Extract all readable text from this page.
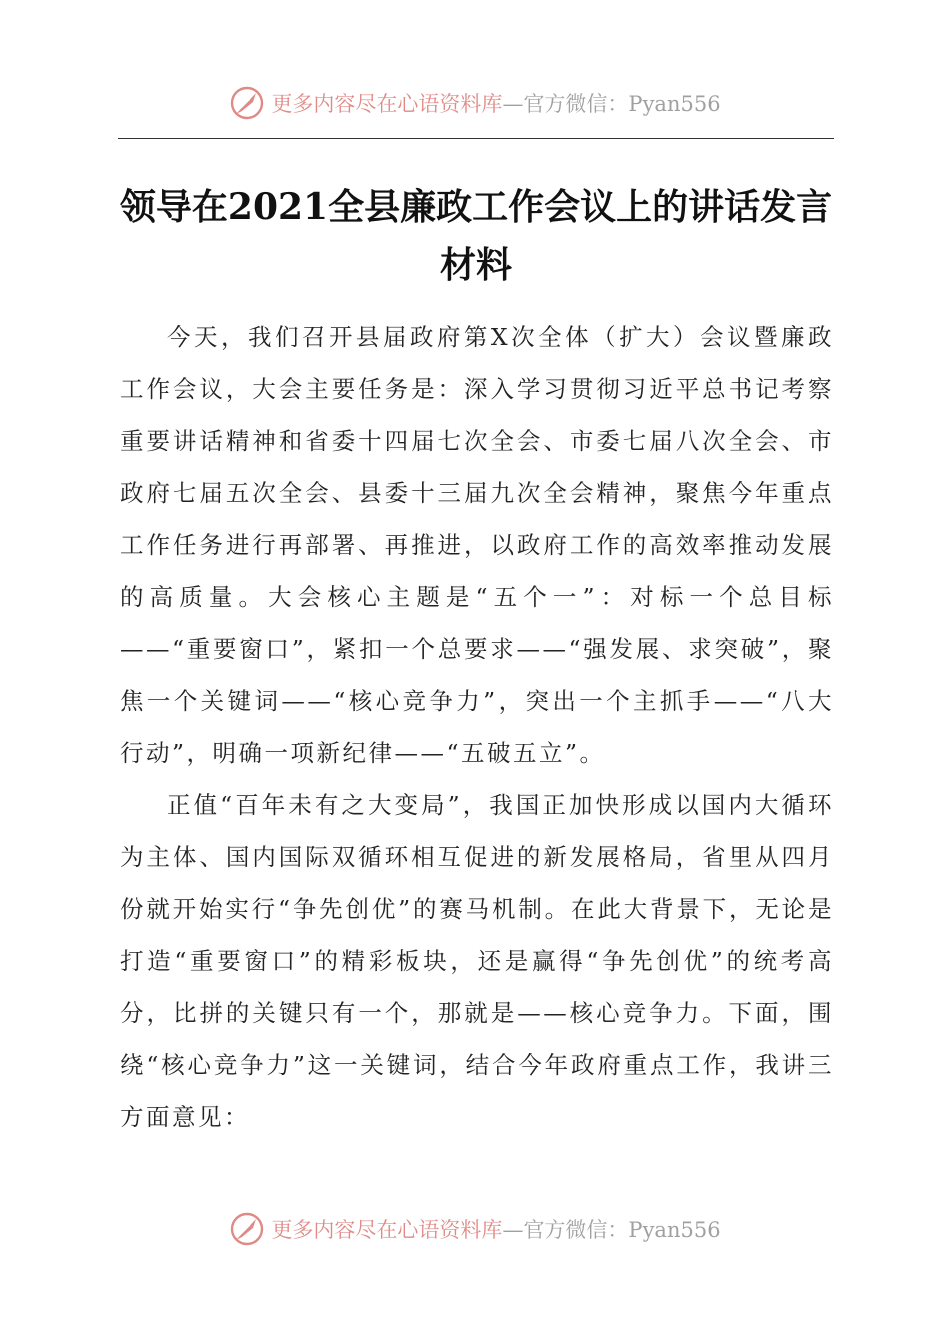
更多内容尽在心语资料库 —官方微信：Pyan556
领导在2021全县廉政工作会议上的讲话发言
材料

今天，我们召开县届政府第X次全体（扩大）会议暨廉政工作会议，大会主要任务是：深入学习贯彻习近平总书记考察重要讲话精神和省委十四届七次全会、市委七届八次全会、市政府七届五次全会、县委十三届九次全会精神，聚焦今年重点工作任务进行再部署、再推进，以政府工作的高效率推动发展的高质量。大会核心主题是“五个一”：对标一个总目标——“重要窗口”，紧扣一个总要求——“强发展、求突破”，聚焦一个关键词——“核心竞争力”，突出一个主抓手——“八大行动”，明确一项新纪律——“五破五立”。

正值“百年未有之大变局”，我国正加快形成以国内大循环为主体、国内国际双循环相互促进的新发展格局，省里从四月份就开始实行“争先创优”的赛马机制。在此大背景下，无论是打造“重要窗口”的精彩板块，还是赢得“争先创优”的统考高分，比拼的关键只有一个，那就是——核心竞争力。下面，围绕“核心竞争力”这一关键词，结合今年政府重点工作，我讲三方面意见：

更多内容尽在心语资料库 —官方微信：Pyan556
